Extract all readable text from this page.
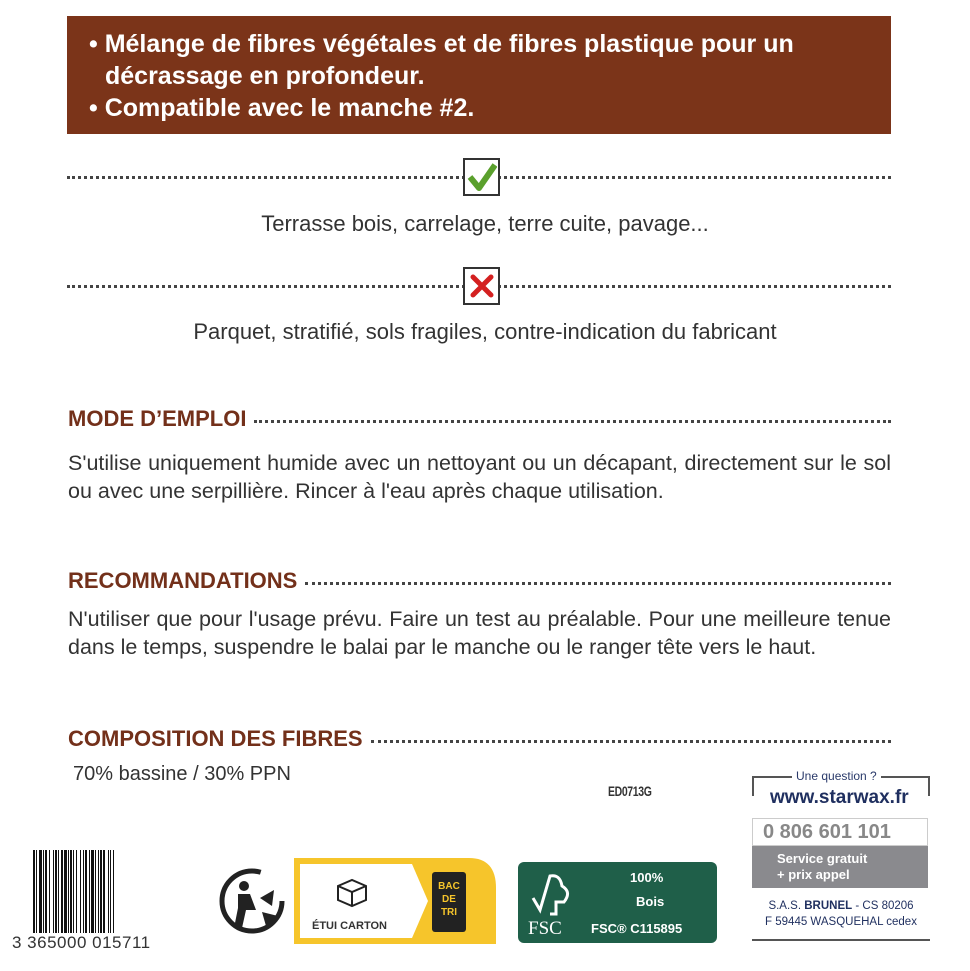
• Mélange de fibres végétales et de fibres plastique pour un décrassage en profondeur.
• Compatible avec le manche #2.
Terrasse bois, carrelage, terre cuite, pavage...
Parquet, stratifié, sols fragiles, contre-indication du fabricant
MODE D’EMPLOI
S'utilise uniquement humide avec un nettoyant ou un décapant, directement sur le sol ou avec une serpillière. Rincer à l'eau après chaque utilisation.
RECOMMANDATIONS
N'utiliser que pour l'usage prévu. Faire un test au préalable. Pour une meilleure tenue dans le temps, suspendre le balai par le manche ou le ranger tête vers le haut.
COMPOSITION DES FIBRES
70% bassine / 30% PPN
ED0713G
3 365000 015711
ÉTUI CARTON
BAC
DE
TRI
FSC
100%
Bois
FSC® C115895
Une question ?
www.starwax.fr
0 806 601 101
Service gratuit
+ prix appel
S.A.S. BRUNEL - CS 80206
F 59445 WASQUEHAL cedex
